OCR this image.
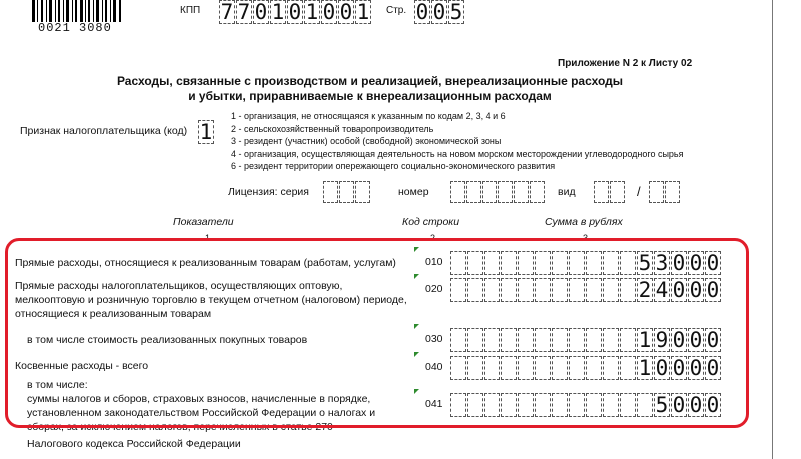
0021 3080
КПП 7 7 0 1 0 1 0 0 1 Стр. 0 0 5
Приложение N 2 к Листу 02
Расходы, связанные с производством и реализацией, внереализационные расходы
и убытки, приравниваемые к внереализационным расходам
Признак налогоплательщика (код) 1
1 - организация, не относящаяся к указанным по кодам 2, 3, 4 и 6
2 - сельскохозяйственный товаропроизводитель
3 - резидент (участник) особой (свободной) экономической зоны
4 - организация, осуществляющая деятельность на новом морском месторождении углеводородного сырья
6 - резидент территории опережающего социально-экономического развития
Лицензия: серия	номер	вид	/
Показатели	Код строки	Сумма в рублях
1	2	3
Прямые расходы, относящиеся к реализованным товарам (работам, услугам)	010	5 3 0 0 0
Прямые расходы налогоплательщиков, осуществляющих оптовую, мелкооптовую и розничную торговлю в текущем отчетном (налоговом) периоде, относящиеся к реализованным товарам
020	2 4 0 0 0
в том числе стоимость реализованных покупных товаров	030	1 9 0 0 0
Косвенные расходы - всего	040	1 0 0 0 0
в том числе:
суммы налогов и сборов, страховых взносов, начисленные в порядке, установленном законодательством Российской Федерации о налогах и сборах, за исключением налогов, перечисленных в статье 270
041	5 0 0 0
Налогового кодекса Российской Федерации
